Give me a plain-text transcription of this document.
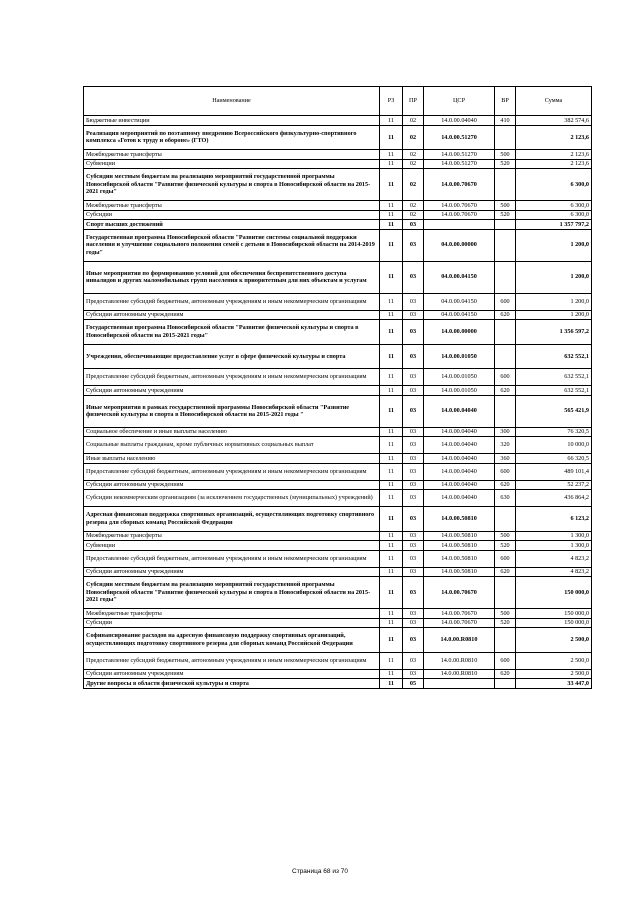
Наименование	РЗ	ПР	ЦСР	ВР	Сумма
Бюджетные инвестиции	11	02	14.0.00.04040	410	382 574,6
Реализация мероприятий по поэтапному внедрению Всероссийского физкультурно-спортивного комплекса «Готов к труду и обороне» (ГТО)	11	02	14.0.00.51270		2 123,6
Межбюджетные трансферты	11	02	14.0.00.51270	500	2 123,6
Субвенции	11	02	14.0.00.51270	520	2 123,6
Субсидии местным бюджетам на реализацию мероприятий государственной программы Новосибирской области "Развитие физической культуры и спорта в Новосибирской области на 2015-2021 годы"	11	02	14.0.00.70670		6 300,0
Межбюджетные трансферты	11	02	14.0.00.70670	500	6 300,0
Субсидии	11	02	14.0.00.70670	520	6 300,0
Спорт высших достижений	11	03			1 357 797,2
Государственная программа Новосибирской области "Развитие системы социальной поддержки населения и улучшение социального положения семей с детьми в Новосибирской области на 2014-2019 годы"	11	03	04.0.00.00000		1 200,0
Иные мероприятия по формированию условий для обеспечения беспрепятственного доступа инвалидов и других маломобильных групп населения к приоритетным для них объектам и услугам	11	03	04.0.00.04150		1 200,0
Предоставление субсидий бюджетным, автономным учреждениям и иным некоммерческим организациям	11	03	04.0.00.04150	600	1 200,0
Субсидии автономным учреждениям	11	03	04.0.00.04150	620	1 200,0
Государственная программа Новосибирской области "Развитие физической культуры и спорта в Новосибирской области на 2015-2021 годы"	11	03	14.0.00.00000		1 356 597,2
Учреждения, обеспечивающие предоставление услуг в сфере физической культуры и спорта	11	03	14.0.00.01050		632 552,1
Предоставление субсидий бюджетным, автономным учреждениям и иным некоммерческим организациям	11	03	14.0.00.01050	600	632 552,1
Субсидии автономным учреждениям	11	03	14.0.00.01050	620	632 552,1
Иные мероприятия в рамках государственной программы Новосибирской области "Развитие физической культуры и спорта в Новосибирской области на 2015-2021 годы "	11	03	14.0.00.04040		565 421,9
Социальное обеспечение и иные выплаты населению	11	03	14.0.00.04040	300	76 320,5
Социальные выплаты гражданам, кроме публичных нормативных социальных выплат	11	03	14.0.00.04040	320	10 000,0
Иные выплаты населению	11	03	14.0.00.04040	360	66 320,5
Предоставление субсидий бюджетным, автономным учреждениям и иным некоммерческим организациям	11	03	14.0.00.04040	600	489 101,4
Субсидии автономным учреждениям	11	03	14.0.00.04040	620	52 237,2
Субсидии некоммерческим организациям (за исключением государственных (муниципальных) учреждений)	11	03	14.0.00.04040	630	436 864,2
Адресная финансовая поддержка спортивных организаций, осуществляющих подготовку спортивного резерва для сборных команд Российской Федерации	11	03	14.0.00.50810		6 123,2
Межбюджетные трансферты	11	03	14.0.00.50810	500	1 300,0
Субвенции	11	03	14.0.00.50810	520	1 300,0
Предоставление субсидий бюджетным, автономным учреждениям и иным некоммерческим организациям	11	03	14.0.00.50810	600	4 823,2
Субсидии автономным учреждениям	11	03	14.0.00.50810	620	4 823,2
Субсидии местным бюджетам на реализацию мероприятий государственной программы Новосибирской области "Развитие физической культуры и спорта в Новосибирской области на 2015-2021 годы"	11	03	14.0.00.70670		150 000,0
Межбюджетные трансферты	11	03	14.0.00.70670	500	150 000,0
Субсидии	11	03	14.0.00.70670	520	150 000,0
Софинансирование расходов на адресную финансовую поддержку спортивных организаций, осуществляющих подготовку спортивного резерва для сборных команд Российской Федерации	11	03	14.0.00.R0810		2 500,0
Предоставление субсидий бюджетным, автономным учреждениям и иным некоммерческим организациям	11	03	14.0.00.R0810	600	2 500,0
Субсидии автономным учреждениям	11	03	14.0.00.R0810	620	2 500,0
Другие вопросы в области физической культуры и спорта	11	05			33 447,0
Страница 68 из 70
